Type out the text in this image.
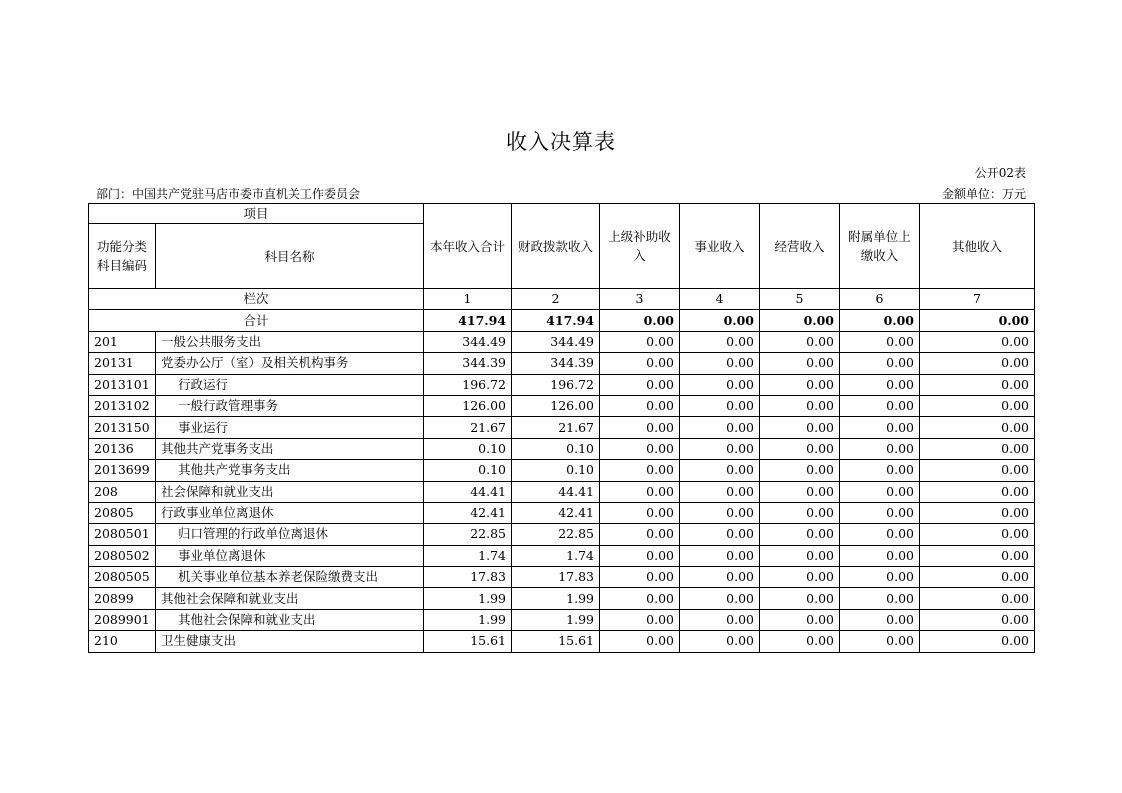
收入决算表
公开02表
部门：中国共产党驻马店市委市直机关工作委员会	金额单位：万元
项目		本年收入合计	财政拨款收入	上级补助收入	事业收入	经营收入	附属单位上缴收入	其他收入
功能分类科目编码	科目名称							
栏次		1	2	3	4	5	6	7
合计		417.94	417.94	0.00	0.00	0.00	0.00	0.00
201	一般公共服务支出	344.49	344.49	0.00	0.00	0.00	0.00	0.00
20131	党委办公厅（室）及相关机构事务	344.39	344.39	0.00	0.00	0.00	0.00	0.00
2013101	行政运行	196.72	196.72	0.00	0.00	0.00	0.00	0.00
2013102	一般行政管理事务	126.00	126.00	0.00	0.00	0.00	0.00	0.00
2013150	事业运行	21.67	21.67	0.00	0.00	0.00	0.00	0.00
20136	其他共产党事务支出	0.10	0.10	0.00	0.00	0.00	0.00	0.00
2013699	其他共产党事务支出	0.10	0.10	0.00	0.00	0.00	0.00	0.00
208	社会保障和就业支出	44.41	44.41	0.00	0.00	0.00	0.00	0.00
20805	行政事业单位离退休	42.41	42.41	0.00	0.00	0.00	0.00	0.00
2080501	归口管理的行政单位离退休	22.85	22.85	0.00	0.00	0.00	0.00	0.00
2080502	事业单位离退休	1.74	1.74	0.00	0.00	0.00	0.00	0.00
2080505	机关事业单位基本养老保险缴费支出	17.83	17.83	0.00	0.00	0.00	0.00	0.00
20899	其他社会保障和就业支出	1.99	1.99	0.00	0.00	0.00	0.00	0.00
2089901	其他社会保障和就业支出	1.99	1.99	0.00	0.00	0.00	0.00	0.00
210	卫生健康支出	15.61	15.61	0.00	0.00	0.00	0.00	0.00
